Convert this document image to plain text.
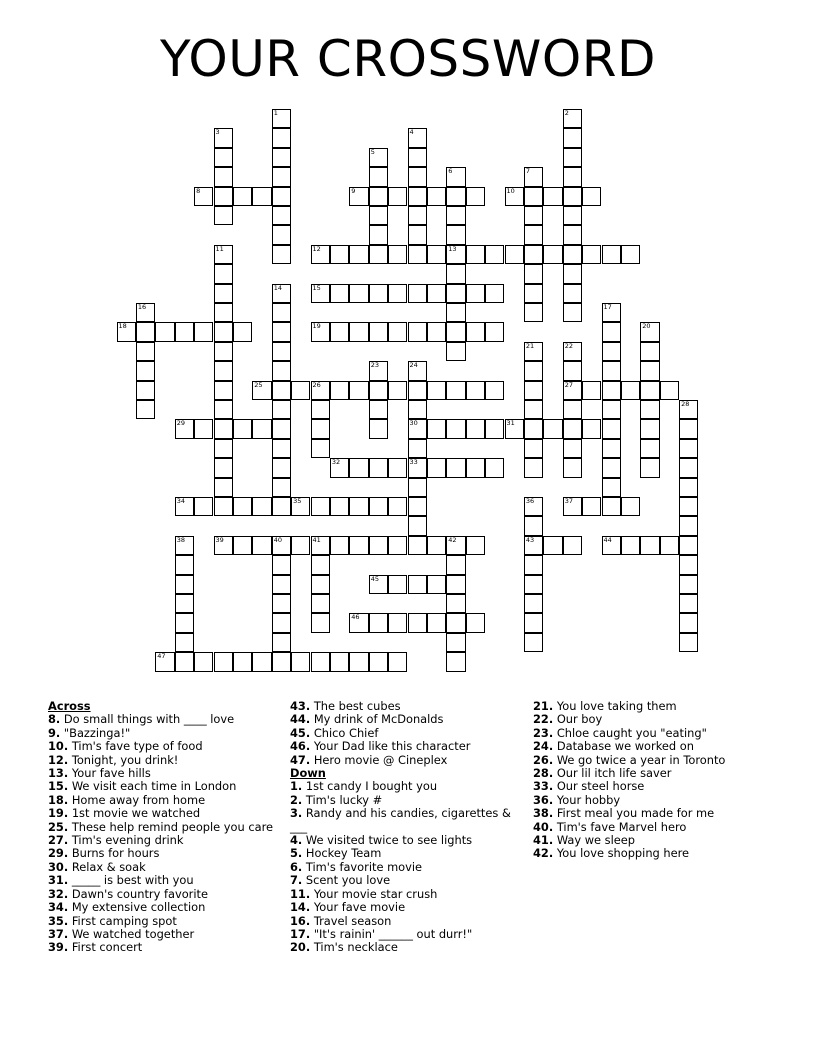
YOUR CROSSWORD
1	2
3	4
5
6
13
7
8	9	10
11	12
14	15
16	17
18	19	20
21	22
27
23	24
30
25	26
28
29	31
32	33
34	35	36
43
37
38	39	40	41	42	44
45
46
47
Across
8. Do small things with ____ love
9. "Bazzinga!"
10. Tim's fave type of food
12. Tonight, you drink!
13. Your fave hills
15. We visit each time in London
18. Home away from home
19. 1st movie we watched
25. These help remind people you care
27. Tim's evening drink
29. Burns for hours
30. Relax & soak
31. _____ is best with you
32. Dawn's country favorite
34. My extensive collection
35. First camping spot
37. We watched together
39. First concert
43. The best cubes
44. My drink of McDonalds
45. Chico Chief
46. Your Dad like this character
47. Hero movie @ Cineplex
Down
1. 1st candy I bought you
2. Tim's lucky #
3. Randy and his candies, cigarettes &
___
4. We visited twice to see lights
5. Hockey Team
6. Tim's favorite movie
7. Scent you love
11. Your movie star crush
14. Your fave movie
16. Travel season
17. "It's rainin' ______ out durr!"
20. Tim's necklace
21. You love taking them
22. Our boy
23. Chloe caught you "eating"
24. Database we worked on
26. We go twice a year in Toronto
28. Our lil itch life saver
33. Our steel horse
36. Your hobby
38. First meal you made for me
40. Tim's fave Marvel hero
41. Way we sleep
42. You love shopping here
